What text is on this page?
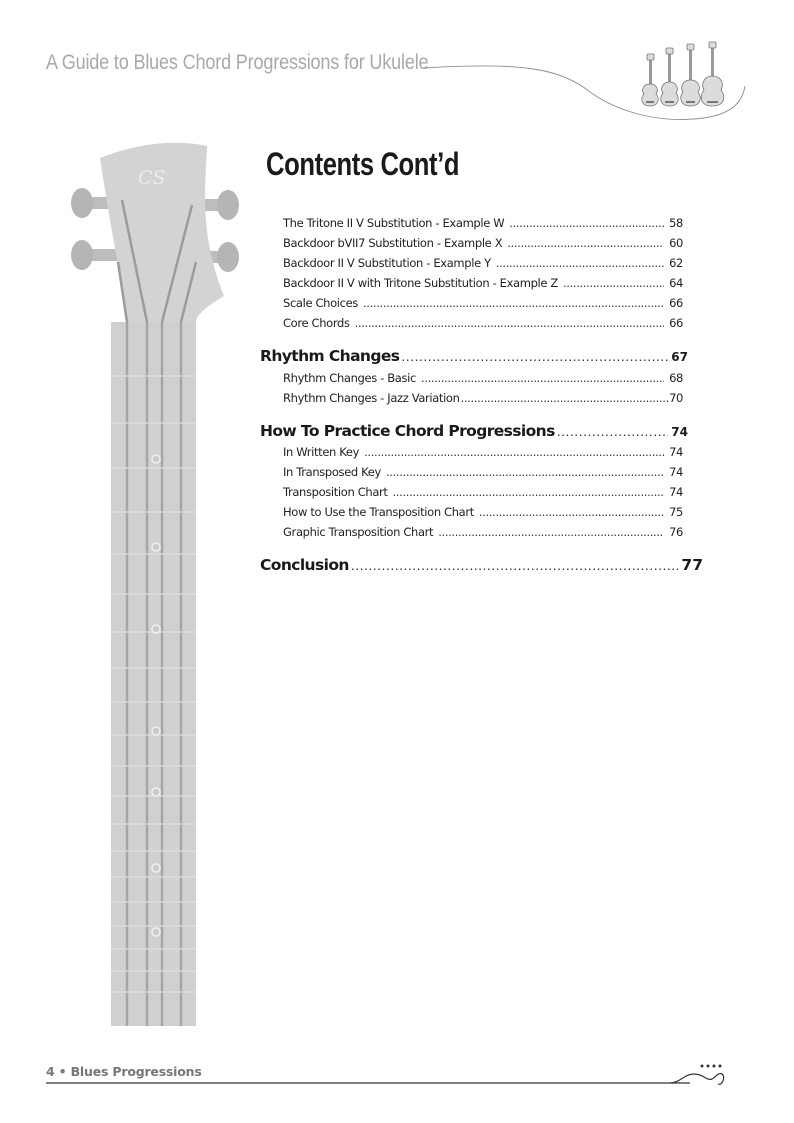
A Guide to Blues Chord Progressions for Ukulele
CS	Contents Cont’d
The Tritone II V Substitution - Example W .....	58
Backdoor bVII7 Substitution - Example X .....	60
Backdoor II V Substitution - Example Y .....	62
Backdoor II V with Tritone Substitution - Example Z .....	64
Scale Choices .....	66
Core Chords .....	66
Rhythm Changes .....	67
Rhythm Changes - Basic .....	68
Rhythm Changes - Jazz Variation .....	70
How To Practice Chord Progressions .....	74
In Written Key .....	74
In Transposed Key .....	74
Transposition Chart .....	74
How to Use the Transposition Chart .....	75
Graphic Transposition Chart .....	76
Conclusion .....	77
4 • Blues Progressions
